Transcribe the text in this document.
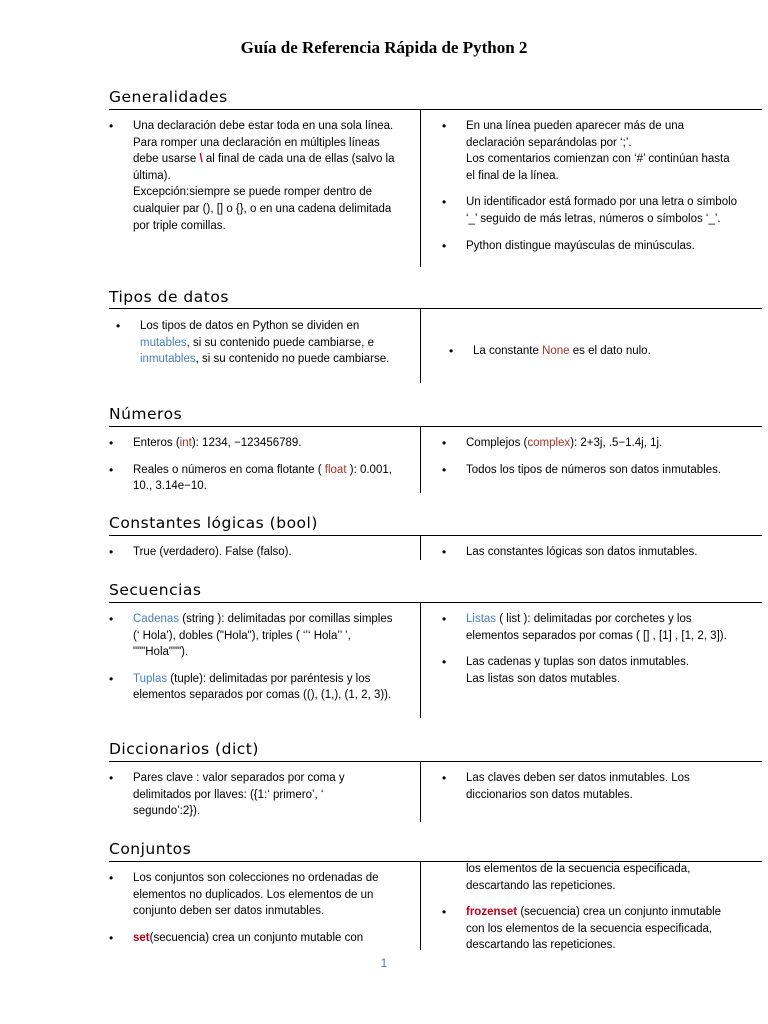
Guía de Referencia Rápida de Python 2
Generalidades
• Una declaración debe estar toda en una sola línea. Para romper una declaración en múltiples líneas debe usarse \ al final de cada una de ellas (salvo la última).
Excepción:siempre se puede romper dentro de cualquier par (), [] o {}, o en una cadena delimitada por triple comillas.
• En una línea pueden aparecer más de una declaración separándolas por ‘;’.
Los comentarios comienzan con ‘#’ continúan hasta el final de la línea.
• Un identificador está formado por una letra o símbolo ‘_’ seguido de más letras, números o símbolos ‘_’.
• Python distingue mayúsculas de minúsculas.
Tipos de datos
• Los tipos de datos en Python se dividen en mutables, si su contenido puede cambiarse, e inmutables, si su contenido no puede cambiarse.
• La constante None es el dato nulo.
Números
• Enteros (int): 1234, −123456789.
• Reales o números en coma flotante ( float ): 0.001, 10., 3.14e−10.
• Complejos (complex): 2+3j, .5−1.4j, 1j.
• Todos los tipos de números son datos inmutables.
Constantes lógicas (bool)
• True (verdadero). False (falso).
•	Las constantes lógicas son datos inmutables.
Secuencias
• Cadenas (string ): delimitadas por comillas simples (‘ Hola’), dobles ("Hola"), triples ( ‘’‘ Hola’’ ’, """Hola""").
• Tuplas (tuple): delimitadas por paréntesis y los elementos separados por comas ((), (1,), (1, 2, 3)).
• Listas ( list ): delimitadas por corchetes y los elementos separados por comas ( [] , [1] , [1, 2, 3]).
• Las cadenas y tuplas son datos inmutables.
Las listas son datos mutables.
Diccionarios (dict)
• Pares clave : valor separados por coma y delimitados por llaves: ({1:‘ primero’, ‘ segundo’:2}).
• Las claves deben ser datos inmutables. Los diccionarios son datos mutables.
Conjuntos
• Los conjuntos son colecciones no ordenadas de elementos no duplicados. Los elementos de un conjunto deben ser datos inmutables.
• set(secuencia) crea un conjunto mutable con
los elementos de la secuencia especificada, descartando las repeticiones.
• frozenset (secuencia) crea un conjunto inmutable con los elementos de la secuencia especificada, descartando las repeticiones.
1
